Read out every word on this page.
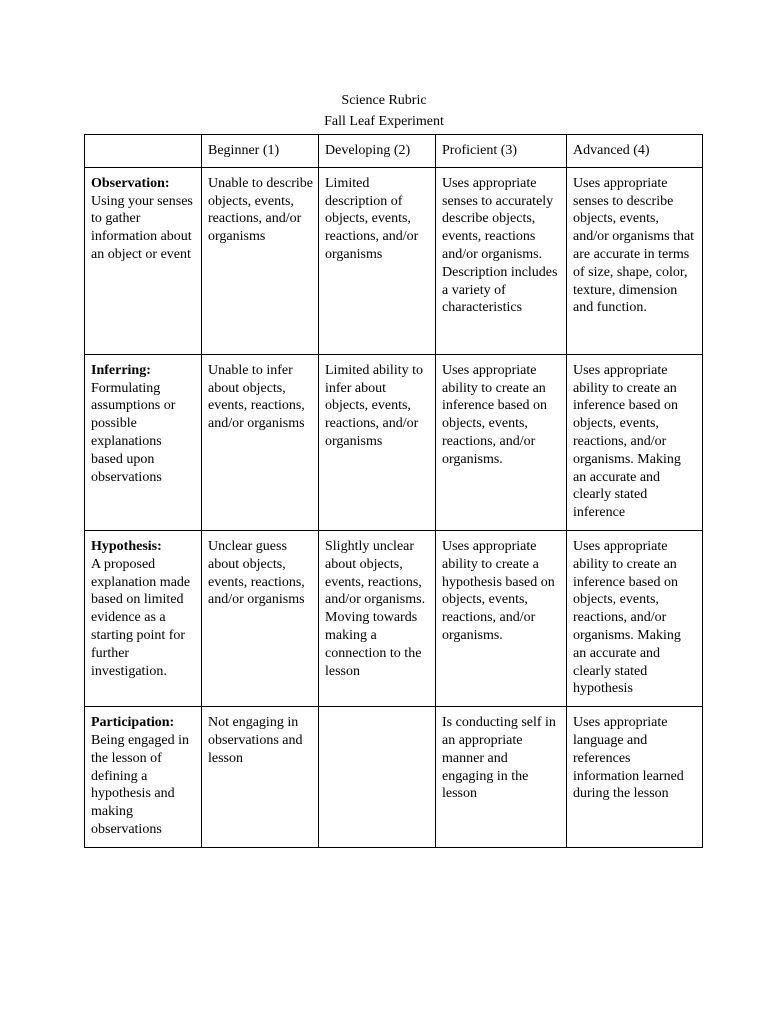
Science Rubric
Fall Leaf Experiment
	Beginner (1)	Developing (2)	Proficient (3)	Advanced (4)

Observation:
Using your senses to gather information about an object or event	Unable to describe objects, events, reactions, and/or organisms	Limited description of objects, events, reactions, and/or organisms	Uses appropriate senses to accurately describe objects, events, reactions and/or organisms. Description includes a variety of characteristics	Uses appropriate senses to describe objects, events, and/or organisms that are accurate in terms of size, shape, color, texture, dimension and function.

Inferring:
Formulating assumptions or possible explanations based upon observations	Unable to infer about objects, events, reactions, and/or organisms	Limited ability to infer about objects, events, reactions, and/or organisms	Uses appropriate ability to create an inference based on objects, events, reactions, and/or organisms.	Uses appropriate ability to create an inference based on objects, events, reactions, and/or organisms. Making an accurate and clearly stated inference

Hypothesis:
A proposed explanation made based on limited evidence as a starting point for further investigation.	Unclear guess about objects, events, reactions, and/or organisms	Slightly unclear about objects, events, reactions, and/or organisms. Moving towards making a connection to the lesson	Uses appropriate ability to create a hypothesis based on objects, events, reactions, and/or organisms.	Uses appropriate ability to create an inference based on objects, events, reactions, and/or organisms. Making an accurate and clearly stated hypothesis

Participation:
Being engaged in the lesson of defining a hypothesis and making observations	Not engaging in observations and lesson		Is conducting self in an appropriate manner and engaging in the lesson	Uses appropriate language and references information learned during the lesson
